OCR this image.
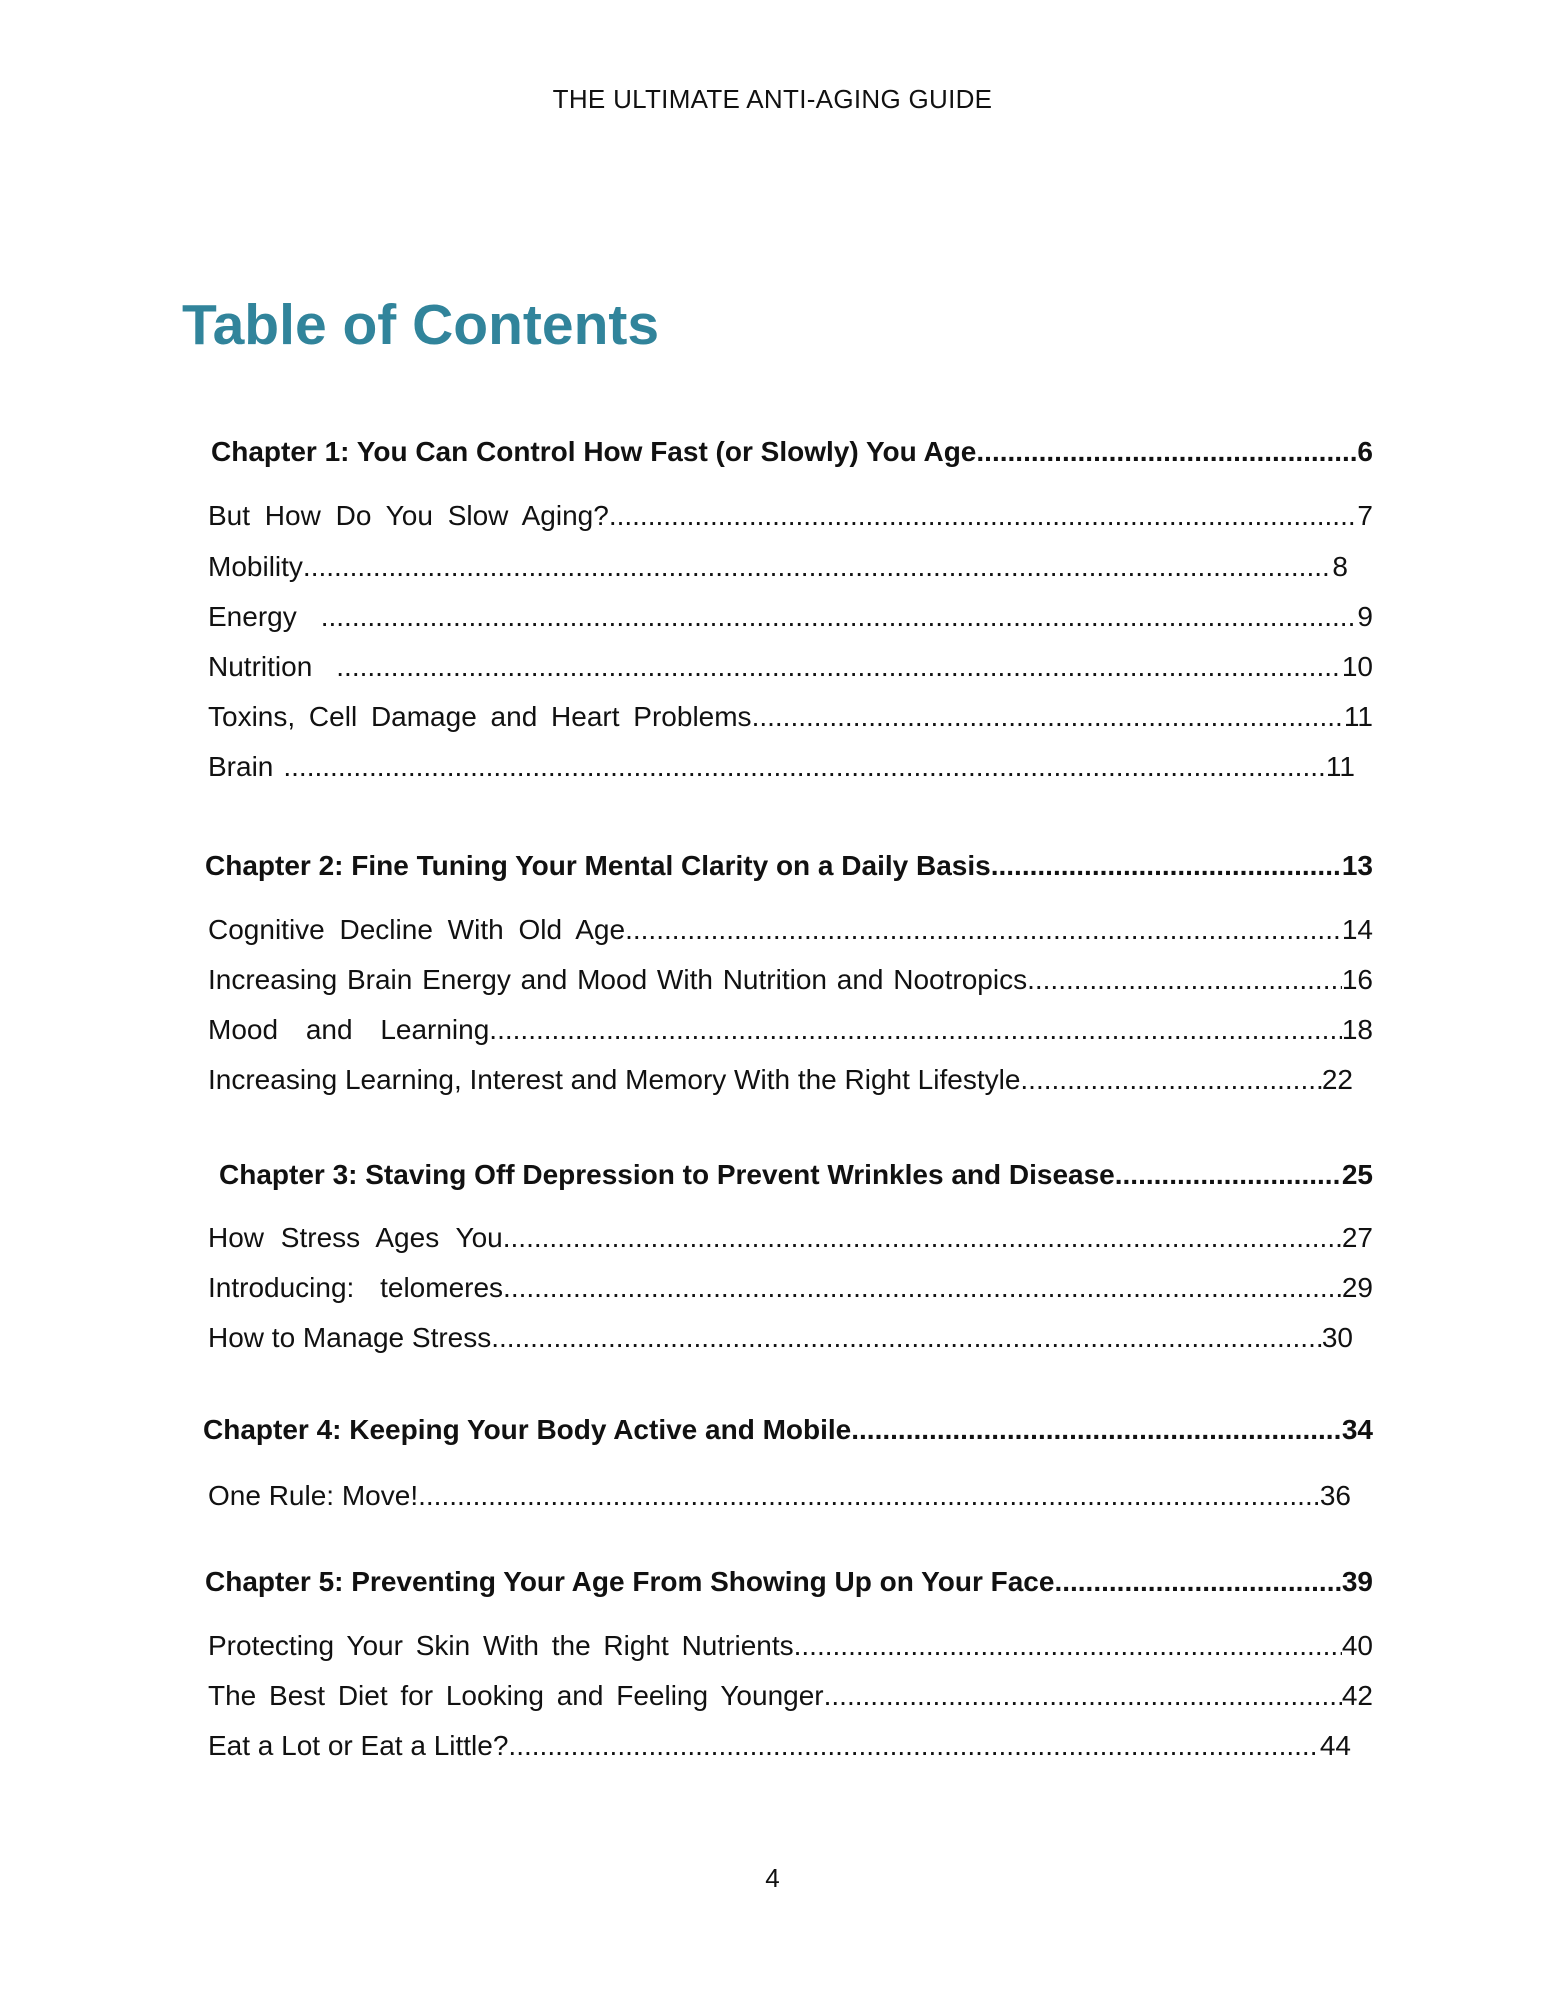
THE ULTIMATE ANTI-AGING GUIDE
Table of Contents
Chapter 1: You Can Control How Fast (or Slowly) You Age .....	6
But How Do You Slow Aging? .....	7
Mobility .....	8
Energy .....	9
Nutrition .....	10
Toxins, Cell Damage and Heart Problems .....	11
Brain .....	11
Chapter 2: Fine Tuning Your Mental Clarity on a Daily Basis .....	13
Cognitive Decline With Old Age .....	14
Increasing Brain Energy and Mood With Nutrition and Nootropics .....	16
Mood and Learning .....	18
Increasing Learning, Interest and Memory With the Right Lifestyle .....	22
Chapter 3: Staving Off Depression to Prevent Wrinkles and Disease .....	25
How Stress Ages You .....	27
Introducing: telomeres .....	29
How to Manage Stress .....	30
Chapter 4: Keeping Your Body Active and Mobile .....	34
One Rule: Move! .....	36
Chapter 5: Preventing Your Age From Showing Up on Your Face .....	39
Protecting Your Skin With the Right Nutrients .....	40
The Best Diet for Looking and Feeling Younger .....	42
Eat a Lot or Eat a Little? .....	44
4
